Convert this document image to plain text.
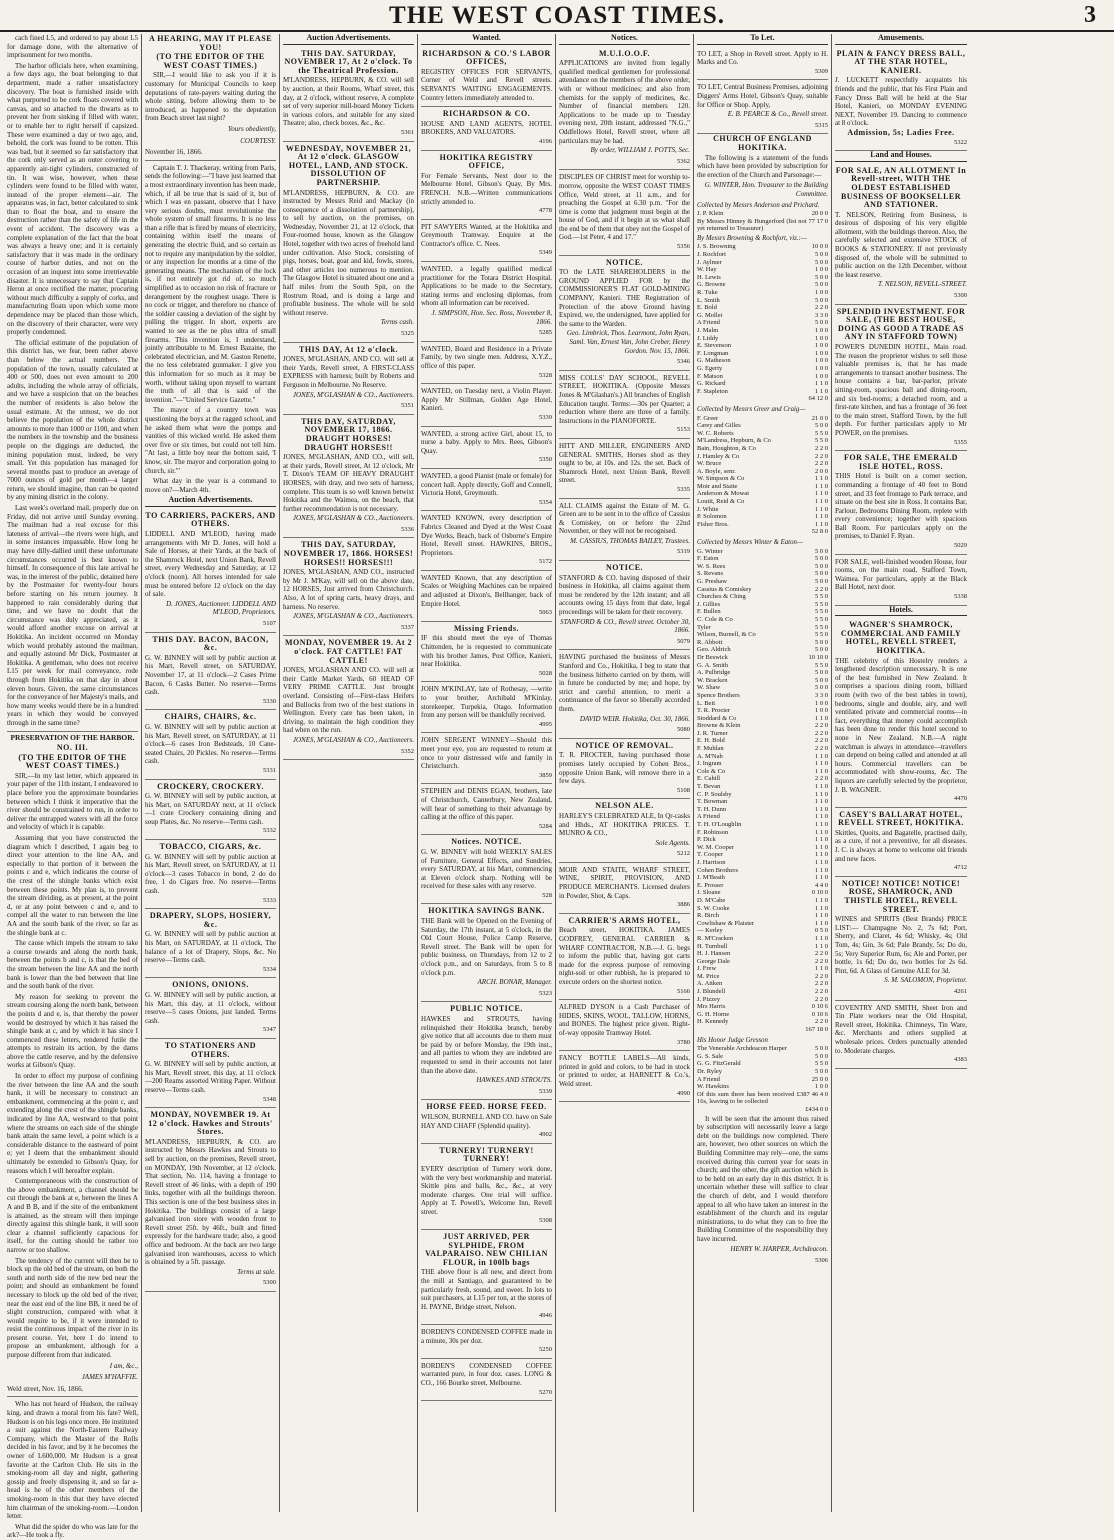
THE WEST COAST TIMES.	3

cach fined L5, and ordered to pay about L5 for damage done, with the alternative of imprisonment for two months.

The harbor officials here, when examining, a few days ago, the boat belonging to that department, made a rather unsatisfactory discovery. The boat is furnished inside with what purported to be cork floats covered with canvas, and so attached to the thwarts as to prevent her from sinking if filled with water, or to enable her to right herself if capsized. These were examined a day or two ago, and, behold, the cork was found to be rotten. This was bad, but it seemed so far satisfactory that the cork only served as an outer covering to apparently air-tight cylinders, constructed of tin. It was wise, however, when these cylinders were found to be filled with water, instead of the proper element—air. The apparatus was, in fact, better calculated to sink than to float the boat, and to ensure the destruction rather than the safety of life in the event of accident. The discovery was a complete explanation of the fact that the boat was always a heavy one; and it is certainly satisfactory that it was made in the ordinary course of harbor duties, and not on the occasion of an inquest into some irretrievable disaster. It is unnecessary to say that Captain Heron at once rectified the matter, procuring without much difficulty a supply of corks, and manufacturing floats upon which some more dependence may be placed than those which, on the discovery of their character, were very properly condemned.

The official estimate of the population of this district has, we fear, been rather above than below the actual numbers. The population of the town, usually calculated at 400 or 500, does not even amount to 200 adults, including the whole array of officials, and we have a suspicion that on the beaches the number of residents is also below the usual estimate. At the utmost, we do not believe the population of the whole district amounts to more than 1000 or 1100, and when the numbers in the township and the business people on the diggings are deducted, the mining population must, indeed, be very small. Yet this population has managed for several months past to produce an average of 7000 ounces of gold per month—a larger return, we should imagine, than can be quoted by any mining district in the colony.

Last week's overland mail, properly due on Friday, did not arrive until Sunday evening. The mailman had a real excuse for this lateness of arrival—the rivers were high, and in some instances impassable. How long he may have dilly-dallied until these unfortunate circumstances occurred is best known to himself. In consequence of this late arrival he was, in the interest of the public, detained here by the Postmaster for twenty-four hours before starting on his return journey. It happened to rain considerably during that time, and we have no doubt that the circumstance was duly appreciated, as it would afford another excuse on arrival at Hokitika. An incident occurred on Monday which would probably astound the mailman, and equally astound Mr Dick, Postmaster at Hokitika. A gentleman, who does not receive L15 per week for mail conveyance, rode through from Hokitika on that day in about eleven hours. Given, the same circumstances for the conveyance of her Majesty's mails, and how many weeks would there be in a hundred years in which they would be conveyed through in the same time?

PRESERVATION OF THE HARBOR.
NO. III.
(TO THE EDITOR OF THE WEST COAST TIMES.)

SIR,—In my last letter, which appeared in your paper of the 11th instant, I endeavored to place before you the approximate boundaries between which I think it imperative that the river should be constrained to run, in order to deliver the entrapped waters with all the force and velocity of which it is capable.

Assuming that you have constructed the diagram which I described, I again beg to direct your attention to the line AA, and especially to that portion of it between the points c and e, which indicates the course of the crest of the shingle banks which exist between these points. My plan is, to prevent the stream dividing, as at present, at the point d, or at any point between c and e, and to compel all the water to run between the line AA and the south bank of the river, so far as the shingle bank at c.

The cause which impels the stream to take a course towards and along the north bank, between the points b and c, is that the bed of the stream between the line AA and the north bank is lower than the bed between that line and the south bank of the river.

My reason for seeking to prevent the stream coursing along the north bank, between the points d and e, is, that thereby the power would be destroyed by which it has raised the shingle bank at c, and by which it has since I commenced these letters, rendered futile the attempts to restrain its action, by the dams above the cattle reserve, and by the defensive works at Gibson's Quay.

In order to effect my purpose of confining the river between the line AA and the south bank, it will be necessary to construct an embankment, commencing at the point c, and extending along the crest of the shingle banks, indicated by line AA, westward to that point where the streams on each side of the shingle bank attain the same level, a point which is a considerable distance to the eastward of point e; yet I deem that the embankment should ultimately be extended to Gibson's Quay, for reasons which I will hereafter explain.

Contemporaneous with the construction of the above embankment, a channel should be cut through the bank at e, between the lines A A and B B, and if the site of the embankment is attained, as the stream will then impinge directly against this shingle bank, it will soon clear a channel sufficiently capacious for itself, for the cutting should be rather too narrow or too shallow.

The tendency of the current will then be to block up the old bed of the stream, on both the south and north side of the new bed near the point; and should an embankment be found necessary to block up the old bed of the river, near the east end of the line BB, it need be of slight construction, compared with what it would require to be, if it were intended to resist the continuous impact of the river in its present course. Yet, here I do intend to propose an embankment, although for a purpose different from that indicated.

I am, &c.,
JAMES M'HAFFIE.
Weld street, Nov. 16, 1866.

Who has not heard of Hudson, the railway king, and drawn a moral from his fate? Well, Hudson is on his legs once more. He instituted a suit against the North-Eastern Railway Company, which the Master of the Rolls decided in his favor, and by it he becomes the owner of L600,000. Mr Hudson is a great favorite at the Carlton Club. He sits in the smoking-room all day and night, gathering gossip and freely dispensing it, and so far a-head is he of the other members of the smoking-room in this that they have elected him chairman of the smoking-room.—London letter.

What did the spider do who was late for the ark?—He took a fly.

A HEARING, MAY IT PLEASE YOU!
(TO THE EDITOR OF THE WEST COAST TIMES.)

SIR,—I would like to ask you if it is customary for Municipal Councils to keep deputations of rate-payers waiting during the whole sitting, before allowing them to be introduced, as happened to the deputation from Beach street last night?

Yours obediently,
COURTESY.
November 16, 1866.

Captain T. J. Thackeray, writing from Paris, sends the following:—"I have just learned that a most extraordinary invention has been made, which, if all be true that is said of it, but of which I was en passant, observe that I have very serious doubts, must revolutionise the whole system of small firearms. It is no less than a rifle that is fired by means of electricity, containing within itself the means of generating the electric fluid, and so certain as not to require any manipulation by the soldier, or any inspection for months at a time of the generating means. The mechanism of the lock is, if not entirely got rid of, so much simplified as to occasion no risk of fracture or derangement by the roughest usage. There is no cock or trigger, and therefore no chance of the soldier causing a deviation of the sight by pulling the trigger. In short, experts are wanted to see as the ne plus ultra of small firearms. This invention is, I understand, jointly attributable to M. Ernest Bazaine, the celebrated electrician, and M. Gaston Renette, the no less celebrated gunmaker. I give you this information for so much as it may be worth, without taking upon myself to warrant the truth of all that is said of the invention."—"United Service Gazette."

The mayor of a country town was questioning the boys at the ragged school, and he asked them what were the pomps and vanities of this wicked world. He asked them over five or six times, but could not tell him. "At last, a little boy near the bottom said, 'I know, sir. The mayor and corporation going to church, sir.'"

What day in the year is a command to move on?—March 4th.

Auction Advertisements.
TO CARRIERS, PACKERS, AND OTHERS.
LIDDELL AND M'LEOD, having made arrangements with Mr D. Jones, will hold a Sale of Horses, at their Yards, at the back of the Shamrock Hotel, next Union Bank, Revell street, every Wednesday and Saturday, at 12 o'clock (noon). All horses intended for sale must be entered before 12 o'clock on the day of sale.
D. JONES, Auctioneer. LIDDELL AND M'LEOD, Proprietors.
5107
THIS DAY. BACON, BACON, &c.
G. W. BINNEY will sell by public auction at his Mart, Revell street, on SATURDAY, November 17, at 11 o'clock—2 Cases Prime Bacon, 6 Casks Butter. No reserve—Terms cash.
5330
CHAIRS, CHAIRS, &c.
G. W. BINNEY will sell by public auction at his Mart, Revell street, on SATURDAY, at 11 o'clock—6 cases Iron Bedsteads, 10 Cane-seated Chairs, 20 Pickles. No reserve—Terms cash.
5331
CROCKERY, CROCKERY.
G. W. BINNEY will sell by public auction, at his Mart, on SATURDAY next, at 11 o'clock—1 crate Crockery containing dining and soup Plates, &c. No reserve—Terms cash.
5332
TOBACCO, CIGARS, &c.
G. W. BINNEY will sell by public auction at his Mart, Revell street, on SATURDAY, at 11 o'clock—3 cases Tobacco in bond, 2 do do free, 1 do Cigars free. No reserve—Terms cash.
5333
DRAPERY, SLOPS, HOSIERY, &c.
G. W. BINNEY will sell by public auction at his Mart, on SATURDAY, at 11 o'clock, The balance of a lot of Drapery, Slops, &c. No reserve—Terms cash.
5334
ONIONS, ONIONS.
G. W. BINNEY will sell by public auction, at his Mart, this day, at 11 o'clock, without reserve—5 cases Onions, just landed. Terms cash.
5347
TO STATIONERS AND OTHERS.
G. W. BINNEY will sell by public auction, at his Mart, Revell street, this day, at 11 o'clock—200 Reams assorted Writing Paper. Without reserve—Terms cash.
5348
MONDAY, NOVEMBER 19. At 12 o'clock. Hawkes and Strouts' Stores.
M'LANDRESS, HEPBURN, & CO. are instructed by Messrs Hawkes and Strouts to sell by auction, on the premises, Revell street, on MONDAY, 19th November, at 12 o'clock. That section, No. 114, having a frontage to Revell street of 46 links, with a depth of 190 links, together with all the buildings thereon. This section is one of the best business sites in Hokitika. The buildings consist of a large galvanised iron store with wooden front to Revell street 25ft. by 46ft., built and fitted expressly for the hardware trade; also, a good office and bedroom. At the back are two large galvanised iron warehouses, access to which is obtained by a 5ft. passage.
Terms at sale.
5300
Auction Advertisements.
THIS DAY. SATURDAY, NOVEMBER 17, At 2 o'clock. To the Theatrical Profession.
M'LANDRESS, HEPBURN, & CO. will sell by auction, at their Rooms, Wharf street, this day, at 2 o'clock, without reserve, A complete set of very superior mill-board Money Tickets in various colors, and suitable for any sized Theatre; also, check boxes, &c., &c.
5361
WEDNESDAY, NOVEMBER 21, At 12 o'clock. GLASGOW HOTEL, LAND, AND STOCK. DISSOLUTION OF PARTNERSHIP.
M'LANDRESS, HEPBURN, & CO. are instructed by Messrs Reid and Mackay (in consequence of a dissolution of partnership), to sell by auction, on the premises, on Wednesday, November 21, at 12 o'clock, that Four-roomed house, known as the Glasgow Hotel, together with two acres of freehold land under cultivation. Also Stock, consisting of pigs, horses, boat, goat and kid, fowls, stores, and other articles too numerous to mention. The Glasgow Hotel is situated about one and a half miles from the South Spit, on the Rostrum Road, and is doing a large and profitable business. The whole will be sold without reserve.
Terms cash.
5325
THIS DAY, At 12 o'clock.
JONES, M'GLASHAN, AND CO. will sell at their Yards, Revell street, A FIRST-CLASS EXPRESS with harness; built by Roberts and Ferguson in Melbourne. No Reserve.
JONES, M'GLASHAN & CO., Auctioneers.
5351
THIS DAY, SATURDAY, NOVEMBER 17, 1866. DRAUGHT HORSES! DRAUGHT HORSES!!
JONES, M'GLASHAN, AND CO., will sell, at their yards, Revell street, At 12 o'clock, Mr T. Dixon's TEAM OF HEAVY DRAUGHT HORSES, with dray, and two sets of harness, complete. This team is so well known betwixt Hokitika and the Waimea, on the beach, that further recommendation is not necessary.
JONES, M'GLASHAN & CO., Auctioneers.
5336
THIS DAY, SATURDAY, NOVEMBER 17, 1866. HORSES! HORSES!! HORSES!!!
JONES, M'GLASHAN, AND CO., instructed by Mr J. M'Kay, will sell on the above date, 12 HORSES, Just arrived from Christchurch. Also, A lot of spring carts, heavy drays, and harness. No reserve.
JONES, M'GLASHAN & CO., Auctioneers.
5337
MONDAY, NOVEMBER 19. At 2 o'clock. FAT CATTLE! FAT CATTLE!
JONES, M'GLASHAN AND CO. will sell at their Cattle Market Yards, 60 HEAD OF VERY PRIME CATTLE. Just brought overland. Consisting of—First-class Heifers and Bullocks from two of the best stations in Wellington. Every care has been taken, in driving, to maintain the high condition they had when on the run.
JONES, M'GLASHAN & CO., Auctioneers.
5352
Wanted.
RICHARDSON & CO.'S LABOR OFFICES,
REGISTRY OFFICES FOR SERVANTS, Corner of Weld and Revell streets. SERVANTS WAITING ENGAGEMENTS. Country letters immediately attended to.
RICHARDSON & CO.
HOUSE AND LAND AGENTS, HOTEL BROKERS, AND VALUATORS.
4196
HOKITIKA REGISTRY OFFICE,
For Female Servants, Next door to the Melbourne Hotel, Gibson's Quay, By Mrs. FRENCH. N.B.—Written communications strictly attended to.
4778
PIT SAWYERS Wanted, at the Hokitika and Greymouth Tramway. Enquire at the Contractor's office. C. Nees.
5349
WANTED, a legally qualified medical practitioner for the Totara District Hospital. Applications to be made to the Secretary, stating terms and enclosing diplomas, from whom all information can be received.
J. SIMPSON, Hon. Sec. Ross, November 8, 1866.
5285
WANTED, Board and Residence in a Private Family, by two single men. Address, X.Y.Z., office of this paper.
5328
WANTED, on Tuesday next, a Violin Player. Apply Mr Stillman, Golden Age Hotel, Kanieri.
5339
WANTED, a strong active Girl, about 15, to nurse a baby. Apply to Mrs. Rees, Gibson's Quay.
5350
WANTED, a good Pianist (male or female) for concert hall. Apply directly, Goff and Connell, Victoria Hotel, Greymouth.
5354
WANTED KNOWN, every description of Fabrics Cleaned and Dyed at the West Coast Dye Works, Beach, back of Osborne's Empire Hotel, Revell street. HAWKINS, BROS., Proprietors.
5172
WANTED Known, that any description of Scales or Weighing Machines can be repaired and adjusted at Dixon's, Bellhanger, back of Empire Hotel.
5063
Missing Friends.
IF this should meet the eye of Thomas Chittenden, he is requested to communicate with his brother James, Post Office, Kanieri, near Hokitika.
5028
JOHN M'KINLAY, late of Rothesay, —write to your brother, Archibald M'Kinlay, storekeeper, Turpekia, Otago. Information from any person will be thankfully received.
4995
JOHN SERGENT WINNEY—Should this meet your eye, you are requested to return at once to your distressed wife and family in Christchurch.
3859
STEPHEN and DENIS EGAN, brothers, late of Christchurch, Canterbury, New Zealand, will hear of something to their advantage by calling at the office of this paper.
5284
Notices. NOTICE.
G. W. BINNEY will hold WEEKLY SALES of Furniture, General Effects, and Sundries, every SATURDAY, at his Mart, commencing at Eleven o'clock sharp. Nothing will be received for these sales with any reserve.
528
HOKITIKA SAVINGS BANK.
THE Bank will be Opened on the Evening of Saturday, the 17th instant, at 5 o'clock, in the Old Court House, Police Camp Reserve, Revell street. The Bank will be open for public business, on Thursdays, from 12 to 2 o'clock p.m., and on Saturdays, from 5 to 8 o'clock p.m.
ARCH. BONAR, Manager.
5323
PUBLIC NOTICE.
HAWKES and STROUTS, having relinquished their Hokitika branch, hereby give notice that all accounts due to them must be paid by or before Monday, the 19th inst., and all parties to whom they are indebted are requested to send in their accounts not later than the above date.
HAWKES AND STROUTS.
5339
HORSE FEED. HORSE FEED.
WILSON, BURNELL AND CO. have on Sale HAY AND CHAFF (Splendid quality).
4902
TURNERY! TURNERY! TURNERY!
EVERY description of Turnery work done, with the very best workmanship and material. Skittle pins and balls, &c., &c., at very moderate charges. One trial will suffice. Apply at T. Powell's, Welcome Inn, Revell street.
5308
JUST ARRIVED, PER SYLPHIDE, FROM VALPARAISO. NEW CHILIAN FLOUR, in 100lb bags
THE above flour is all new, and direct from the mill at Santiago, and guaranteed to be particularly fresh, sound, and sweet. In lots to suit purchasers, at L15 per ton, at the stores of H. PAYNE, Bridge street, Nelson.
4946
BORDEN'S CONDENSED COFFEE made in a minute, 30s per doz.
5250
BORDEN'S CONDENSED COFFEE warranted pure, in four doz. cases. LONG & CO., 166 Bourke street, Melbourne.
5270
Notices.
M.U.I.O.O.F.
APPLICATIONS are invited from legally qualified medical gentlemen for professional attendance on the members of the above order, with or without medicines; and also from chemists for the supply of medicines, &c. Number of financial members 120. Applications to be made up to Tuesday evening next, 20th instant, addressed "N.G.," Oddfellows Hotel, Revell street, where all particulars may be had.
By order, WILLIAM J. POTTS, Sec.
5362
DISCIPLES OF CHRIST meet for worship to-morrow, opposite the WEST COAST TIMES Office, Weld street, at 11 a.m., and for preaching the Gospel at 6.30 p.m. "For the time is come that judgment must begin at the house of God, and if it begin at us what shall the end be of them that obey not the Gospel of God.—1st Peter, 4 and 17."
5356
NOTICE.
TO the LATE SHAREHOLDERS in the GROUND APPLIED FOR by the COMMISSIONER'S FLAT GOLD-MINING COMPANY, Kanieri. THE Registration of Protection of the above Ground having Expired, we, the undersigned, have applied for the same to the Warden.
Geo. Limbrick, Thos. Learmont, John Ryan, Saml. Van, Ernest Van, John Creber, Henry Gordon. Nov. 15, 1866.
5346
MISS COLLS' DAY SCHOOL, REVELL STREET, HOKITIKA. (Opposite Messrs Jones & M'Glashan's.) All branches of English Education taught. Terms:—30s per Quarter; a reduction where there are three of a family. Instructions in the PIANOFORTE.
5153
HITT AND MILLER, ENGINEERS AND GENERAL SMITHS, Horses shod as they ought to be, at 10s. and 12s. the set. Back of Shamrock Hotel, next Union Bank, Revell street.
5335
ALL CLAIMS against the Estate of M. G. Green are to be sent in to the office of Cassius & Comiskey, on or before the 22nd November, or they will not be recognised.
M. CASSIUS, THOMAS BAILEY, Trustees.
5319
NOTICE.
STANFORD & CO. having disposed of their business in Hokitika, all claims against them must be rendered by the 12th instant; and all accounts owing 15 days from that date, legal proceedings will be taken for their recovery.
STANFORD & CO., Revell street. October 30, 1866.
5079
HAVING purchased the business of Messrs Stanford and Co., Hokitika, I beg to state that the business hitherto carried on by them, will in future be conducted by me; and hope, by strict and careful attention, to merit a continuance of the favor so liberally accorded them.
DAVID WEIR. Hokitika, Oct. 30, 1866.
5080
NOTICE OF REMOVAL.
T. R. PROCTER, having purchased those premises lately occupied by Cohen Bros., opposite Union Bank, will remove there in a few days.
5108
NELSON ALE.
HARLEY'S CELEBRATED ALE, In Qr-casks and Hhds., AT HOKITIKA PRICES. T. MUNRO & CO.,
Sole Agents.
5212
MOIR AND STAITE, WHARF STREET, WINE, SPIRIT, PROVISION, AND PRODUCE MERCHANTS. Licensed dealers in Powder, Shot, & Caps.
3886
CARRIER'S ARMS HOTEL,
Beach street, HOKITIKA. JAMES GODFREY, GENERAL CARRIER & WHARF CONTRACTOR, N.B.—J. G. begs to inform the public that, having got carts made for the express purpose of removing night-soil or other rubbish, he is prepared to execute orders on the shortest notice.
5166
ALFRED DYSON is a Cash Purchaser of HIDES, SKINS, WOOL, TALLOW, HORNS, and BONES. The highest price given. Right-of-way opposite Tramway Hotel.
3780
FANCY BOTTLE LABELS—All kinds, printed in gold and colors, to be had in stock or printed to order, at HARNETT & Co.'s, Weld street.
4990
To Let.
TO LET, a Shop in Revell street. Apply to H. Marks and Co.
5309
TO LET, Central Business Premises, adjoining Diggers' Arms Hotel, Gibson's Quay, suitable for Office or Shop. Apply,
E. B. PEARCE & Co., Revell street.
5315
CHURCH OF ENGLAND HOKITIKA.

The following is a statement of the funds which have been provided by subscription for the erection of the Church and Parsonage:—

G. WINTER, Hon. Treasurer to the Building Committee.
Collected by Messrs Anderson and Prichard.
J. P. Klein	20 0 0
By Messrs Hinney & Hungerford (list not yet returned to Treasurer)
77 17 0
By Messrs Browning & Rochfort, viz.:—
J. S. Browning	10 0 0
J. Rochfort	5 0 0
J. Aylmer	5 0 0
W. Hay	1 0 0
H. Lewis	5 0 0
G. Browne	5 0 0
R. Tuke	1 0 0
L. Smith	5 0 0
E. Bold	2 2 0
G. Mollet	3 3 0
A Friend	5 0 0
J. Malm	1 0 0
J. Liddy	1 0 0
E. Stevenson	1 0 0
F. Longman	1 0 0
G. Matheson	1 0 0
G. Egerty	1 0 0
F. Matson	1 0 0
G. Rickard	1 1 0
F. Stapleton	1 1 0
64 12 0
Collected by Messrs Greer and Craig—
F. Greer	21 0 0
Carey and Gilles	5 0 0
W. C. Roberts	5 5 0
M'Landress, Hepburn, & Co	5 5 0
Bain, Houghton, & Co	2 2 0
J. Hamley & Co	2 2 0
W. Bruce	2 2 0
A. Boyle, senr.	2 0 0
W. Simpson & Co	1 1 0
Moir and Staite	1 1 0
Anderson & Mowat	1 1 0
Loutit, Reid & Co	1 1 0
J. White	1 1 0
P. Solomon	1 1 0
Fisher Bros.	1 1 0
52 8 0
Collected by Messrs Winter & Eaton—
G. Winter	5 0 0
F. Eaton	5 0 0
W. S. Rees	5 0 0
S. Revans	5 0 0
G. Preshaw	5 0 0
Cassius & Comiskey	2 2 0
Churches & Ching	5 5 0
J. Gillies	5 5 0
F. Bullen	5 5 0
C. Cole & Co	5 5 0
Tyler	5 5 0
Wilson, Burnell, & Co	5 5 0
R. Abbott	5 0 0
Geo. Aldrich	5 0 0
Dr Beswick	10 10 0
G. A. Smith	5 5 0
A. Pulbridge	5 0 0
W. Bracken	5 0 0
W. Shaw	5 0 0
Spence Brothers	3 3 0
L. Beit	1 0 0
T. R. Procter	1 0 0
Stoddard & Co	1 1 0
Browne & Klein	2 2 0
J. R. Turner	2 2 0
E. H. Bold	2 2 0
F. Muhlan	2 2 0
A. M'Nab	1 1 0
J. Ingram	1 1 0
Cole & Co	1 1 0
E. Cahill	2 2 0
T. Bevan	1 1 0
C. P. Soulsby	1 1 0
T. Bowman	1 1 0
T. H. Dunn	1 1 0
A Friend	1 1 0
T. H. O'Loughlin	1 1 0
F. Robinson	1 1 0
P. Dick	1 1 0
W. M. Cooper	1 1 0
T. Cooper	1 1 0
J. Harrison	1 1 0
Cohen Brothers	1 1 0
J. M'Beath	1 1 0
E. Prosser	4 4 0
J. Sloane	0 10 0
D. M'Cabe	1 1 0
S. W. Cooke	1 1 0
R. Birch	1 1 0
Cowlishaw & Plaister	1 1 0
— Kerley	0 5 0
R. M'Cracken	1 1 0
H. Turnbull	1 1 0
H. J. Hansen	2 2 0
George Dale	2 2 0
J. Frew	1 1 0
M. Price	2 2 0
A. Aitken	2 2 0
J. Blundell	2 2 0
J. Pizzey	2 2 0
Mrs Harris	0 10 6
G. H. Horne	0 10 6
H. Kennedy	2 2 0
167 18 0
His Honor Judge Gresson
The Venerable Archdeacon Harper	5 0 0
G. S. Sale	5 0 0
G. G. FitzGerald	5 5 0
Dr. Ryley	5 0 0
A Friend	25 0 0
W. Hawkins	1 0 0
Of this sum there has been received £387 16s, leaving to be collected
46 4 0
£434 0 0

It will be seen that the amount thus raised by subscription will necessarily leave a large debt on the buildings now completed. There are, however, two other sources on which the Building Committee may rely—one, the sums received during this current year for seats in church; and the other, the gift auction which is to be held on an early day in this district. It is uncertain whether these will suffice to clear the church of debt, and I would therefore appeal to all who have taken an interest in the establishment of the church and its regular ministrations, to do what they can to free the Building Committee of the responsibility they have incurred.

HENRY W. HARPER, Archdeacon.
5306
Amusements.
PLAIN & FANCY DRESS BALL, AT THE STAR HOTEL, KANIERI.
J. LUCKETT respectfully acquaints his friends and the public, that his First Plain and Fancy Dress Ball will be held at the Star Hotel, Kanieri, on MONDAY EVENING NEXT, November 19. Dancing to commence at 8 o'clock.
Admission, 5s; Ladies Free.
5322
Land and Houses.
FOR SALE, AN ALLOTMENT In Revell-street, WITH THE OLDEST ESTABLISHED BUSINESS OF BOOKSELLER AND STATIONER.
T. NELSON, Retiring from Business, is desirous of disposing of his very eligible allotment, with the buildings thereon. Also, the carefully selected and extensive STOCK of BOOKS & STATIONERY. If not previously disposed of, the whole will be submitted to public auction on the 12th December, without the least reserve.
T. NELSON, REVELL-STREET.
5300
SPLENDID INVESTMENT. FOR SALE, (THE BEST HOUSE, DOING AS GOOD A TRADE AS ANY IN STAFFORD TOWN)
POWER'S DUNEDIN HOTEL, Main road. The reason the proprietor wishes to sell those valuable premises is, that he has made arrangements to transact another business. The house contains a bar, bar-parlor, private sitting-room, spacious ball and dining-room, and six bed-rooms; a detached room, and a first-rate kitchen, and has a frontage of 36 feet to the main street, Stafford Town, by the full depth. For further particulars apply to Mr POWER, on the premises.
5355
FOR SALE, THE EMERALD ISLE HOTEL, ROSS.
THIS Hotel is built on a corner section, commanding a frontage of 40 feet to Bond street, and 33 feet frontage to Park terrace, and situate on the best site in Ross. It contains Bar, Parlour, Bedrooms Dining Room, replete with every convenience; together with spacious Ball Room. For particulars apply on the premises, to Daniel F. Ryan.
5029
FOR SALE, well-finished wooden House, four rooms, on the main road, Stafford Town, Waimea. For particulars, apply at the Black Ball Hotel, next door.
5338
Hotels.
WAGNER'S SHAMROCK, COMMERCIAL AND FAMILY HOTEL, REVELL STREET, HOKITIKA.
THE celebrity of this Hostelry renders a lengthened description unnecessary. It is one of the best furnished in New Zealand. It comprises a spacious dining room, billiard room (with two of the best tables in town), bedrooms, single and double, airy, and well ventilated private and commercial rooms—in fact, everything that money could accomplish has been done to render this hotel second to none in New Zealand. N.B.—A night watchman is always in attendance—travellers can depend on being called and attended at all hours. Commercial travellers can be accommodated with show-rooms, &c. The liquors are carefully selected by the proprietor, J. B. WAGNER.
4470
CASEY'S BALLARAT HOTEL, REVELL STREET, HOKITIKA.
Skittles, Quoits, and Bagatelle, practised daily, as a cure, if not a preventive, for all diseases. J. C. is always at home to welcome old friends and new faces.
4712
NOTICE! NOTICE! NOTICE! ROSE, SHAMROCK, AND THISTLE HOTEL, REVELL STREET.
WINES and SPIRITS (Best Brands) PRICE LIST:— Champagne No. 2, 7s 6d; Port, Sherry, and Claret, 4s 6d; Whisky, 4s; Old Tom, 4s; Gin, 3s 6d; Pale Brandy, 5s; Do do, 5s; Very Superior Rum, 6s; Ale and Porter, per bottle, 1s 6d; Do do, two bottles for 2s 6d. Pint, 6d. A Glass of Genuine ALE for 3d.
S. M. SALOMON, Proprietor.
4261
COVENTRY AND SMITH, Sheet Iron and Tin Plate workers near the Old Hospital, Revell street, Hokitika. Chimneys, Tin Ware, &c. Merchants and others supplied at wholesale prices. Orders punctually attended to. Moderate charges.
4383
